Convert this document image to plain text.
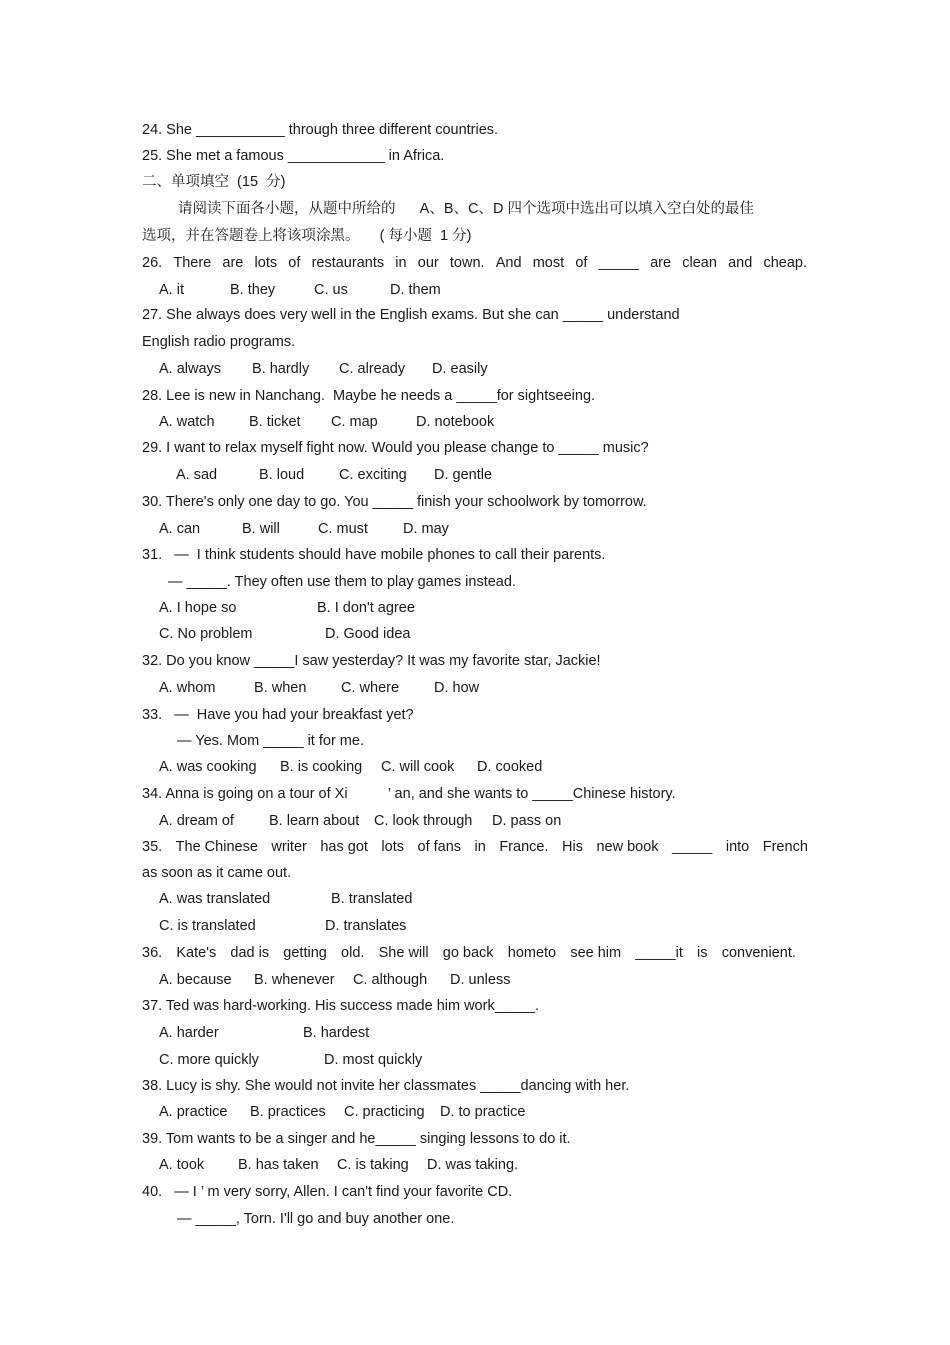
24. She ___________ through three different countries.
25. She met a famous ____________ in Africa.
二、单项填空  (15  分)
请阅读下面各小题，从题中所给的      A、B、C、D 四个选项中选出可以填入空白处的最佳
选项，并在答题卷上将该项涂黑。     ( 每小题  1 分)
26. There are lots of restaurants in our town. And most of _____ are clean and cheap.
A. it	B. they	C. us	D. them
27. She always does very well in the English exams. But she can _____ understand
English radio programs.
A. always	B. hardly	C. already	D. easily
28. Lee is new in Nanchang.  Maybe he needs a _____for sightseeing.
A. watch	B. ticket	C. map	D. notebook
29. I want to relax myself fight now. Would you please change to _____ music?
A. sad	B. loud	C. exciting	D. gentle
30. There's only one day to go. You _____ finish your schoolwork by tomorrow.
A. can	B. will	C. must	D. may
31.   —  I think students should have mobile phones to call their parents.
— _____. They often use them to play games instead.
A. I hope so	B. I don't agree
C. No problem	D. Good idea
32. Do you know _____I saw yesterday? It was my favorite star, Jackie!
A. whom	B. when	C. where	D. how
33.   —  Have you had your breakfast yet?
— Yes. Mom _____ it for me.
A. was cooking	B. is cooking	C. will cook	D. cooked
34. Anna is going on a tour of Xi          ’ an, and she wants to _____Chinese history.
A. dream of	B. learn about	C. look through	D. pass on
35. The Chinese writer has got lots of fans in France. His new book _____ into French
as soon as it came out.
A. was translated	B. translated
C. is translated	D. translates
36. Kate's dad is getting old. She will go back hometo see him _____it is convenient.
A. because	B. whenever	C. although	D. unless
37. Ted was hard-working. His success made him work_____.
A. harder	B. hardest
C. more quickly	D. most quickly
38. Lucy is shy. She would not invite her classmates _____dancing with her.
A. practice	B. practices	C. practicing	D. to practice
39. Tom wants to be a singer and he_____ singing lessons to do it.
A. took	B. has taken	C. is taking	D. was taking.
40.   — I ’ m very sorry, Allen. I can't find your favorite CD.
— _____, Torn. I'll go and buy another one.
